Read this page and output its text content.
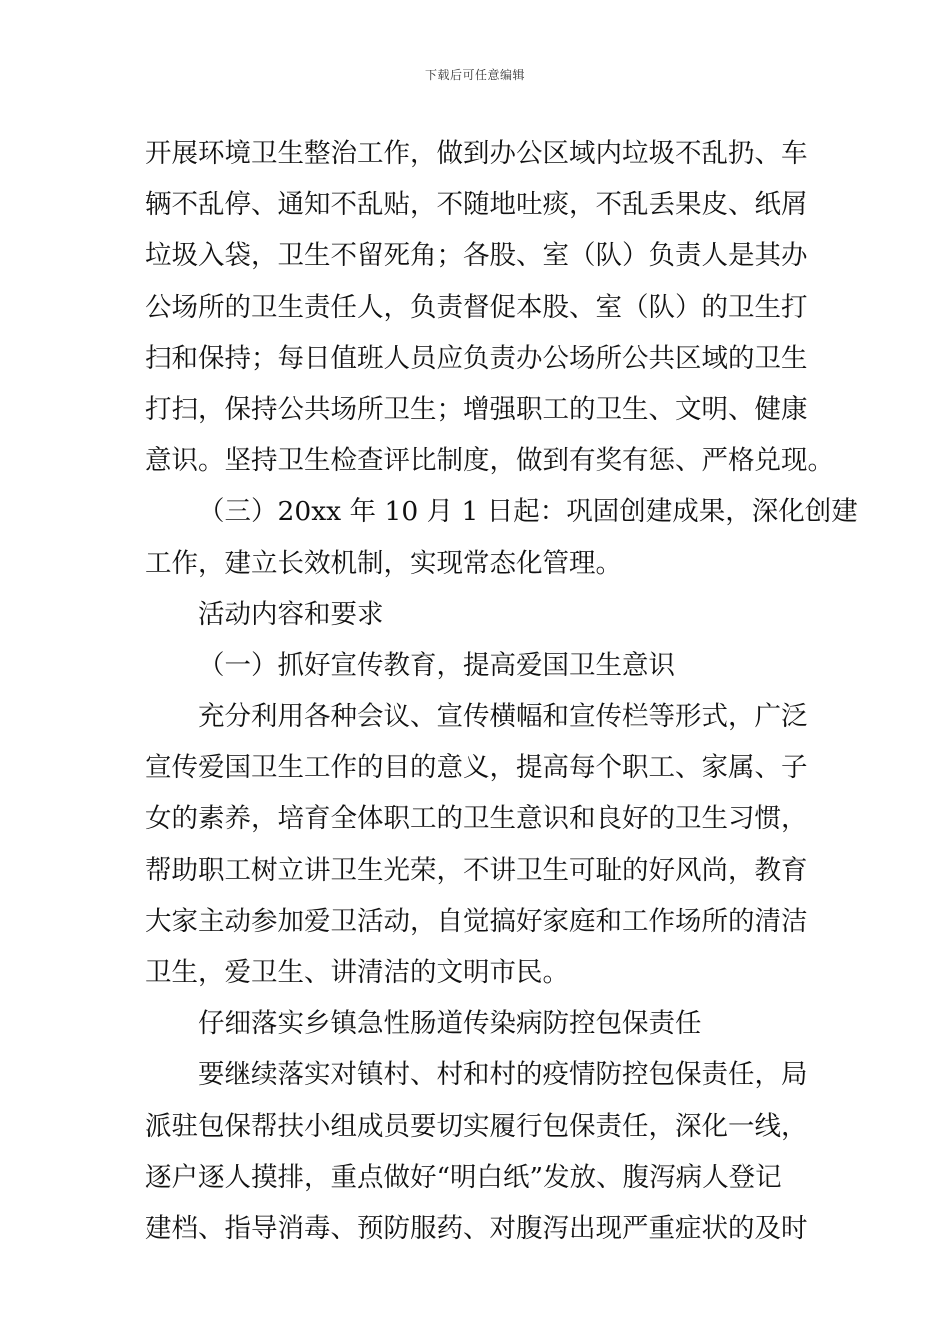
下载后可任意编辑
开展环境卫生整治工作，做到办公区域内垃圾不乱扔、车
辆不乱停、通知不乱贴，不随地吐痰，不乱丢果皮、纸屑
垃圾入袋，卫生不留死角；各股、室（队）负责人是其办
公场所的卫生责任人，负责督促本股、室（队）的卫生打
扫和保持；每日值班人员应负责办公场所公共区域的卫生
打扫，保持公共场所卫生；增强职工的卫生、文明、健康
意识。坚持卫生检查评比制度，做到有奖有惩、严格兑现。
（三）20xx 年 10 月 1 日起：巩固创建成果，深化创建
工作，建立长效机制，实现常态化管理。
活动内容和要求
（一）抓好宣传教育，提高爱国卫生意识
充分利用各种会议、宣传横幅和宣传栏等形式，广泛
宣传爱国卫生工作的目的意义，提高每个职工、家属、子
女的素养，培育全体职工的卫生意识和良好的卫生习惯，
帮助职工树立讲卫生光荣，不讲卫生可耻的好风尚，教育
大家主动参加爱卫活动，自觉搞好家庭和工作场所的清洁
卫生，爱卫生、讲清洁的文明市民。
仔细落实乡镇急性肠道传染病防控包保责任
要继续落实对镇村、村和村的疫情防控包保责任，局
派驻包保帮扶小组成员要切实履行包保责任，深化一线，
逐户逐人摸排，重点做好“明白纸”发放、腹泻病人登记
建档、指导消毒、预防服药、对腹泻出现严重症状的及时
